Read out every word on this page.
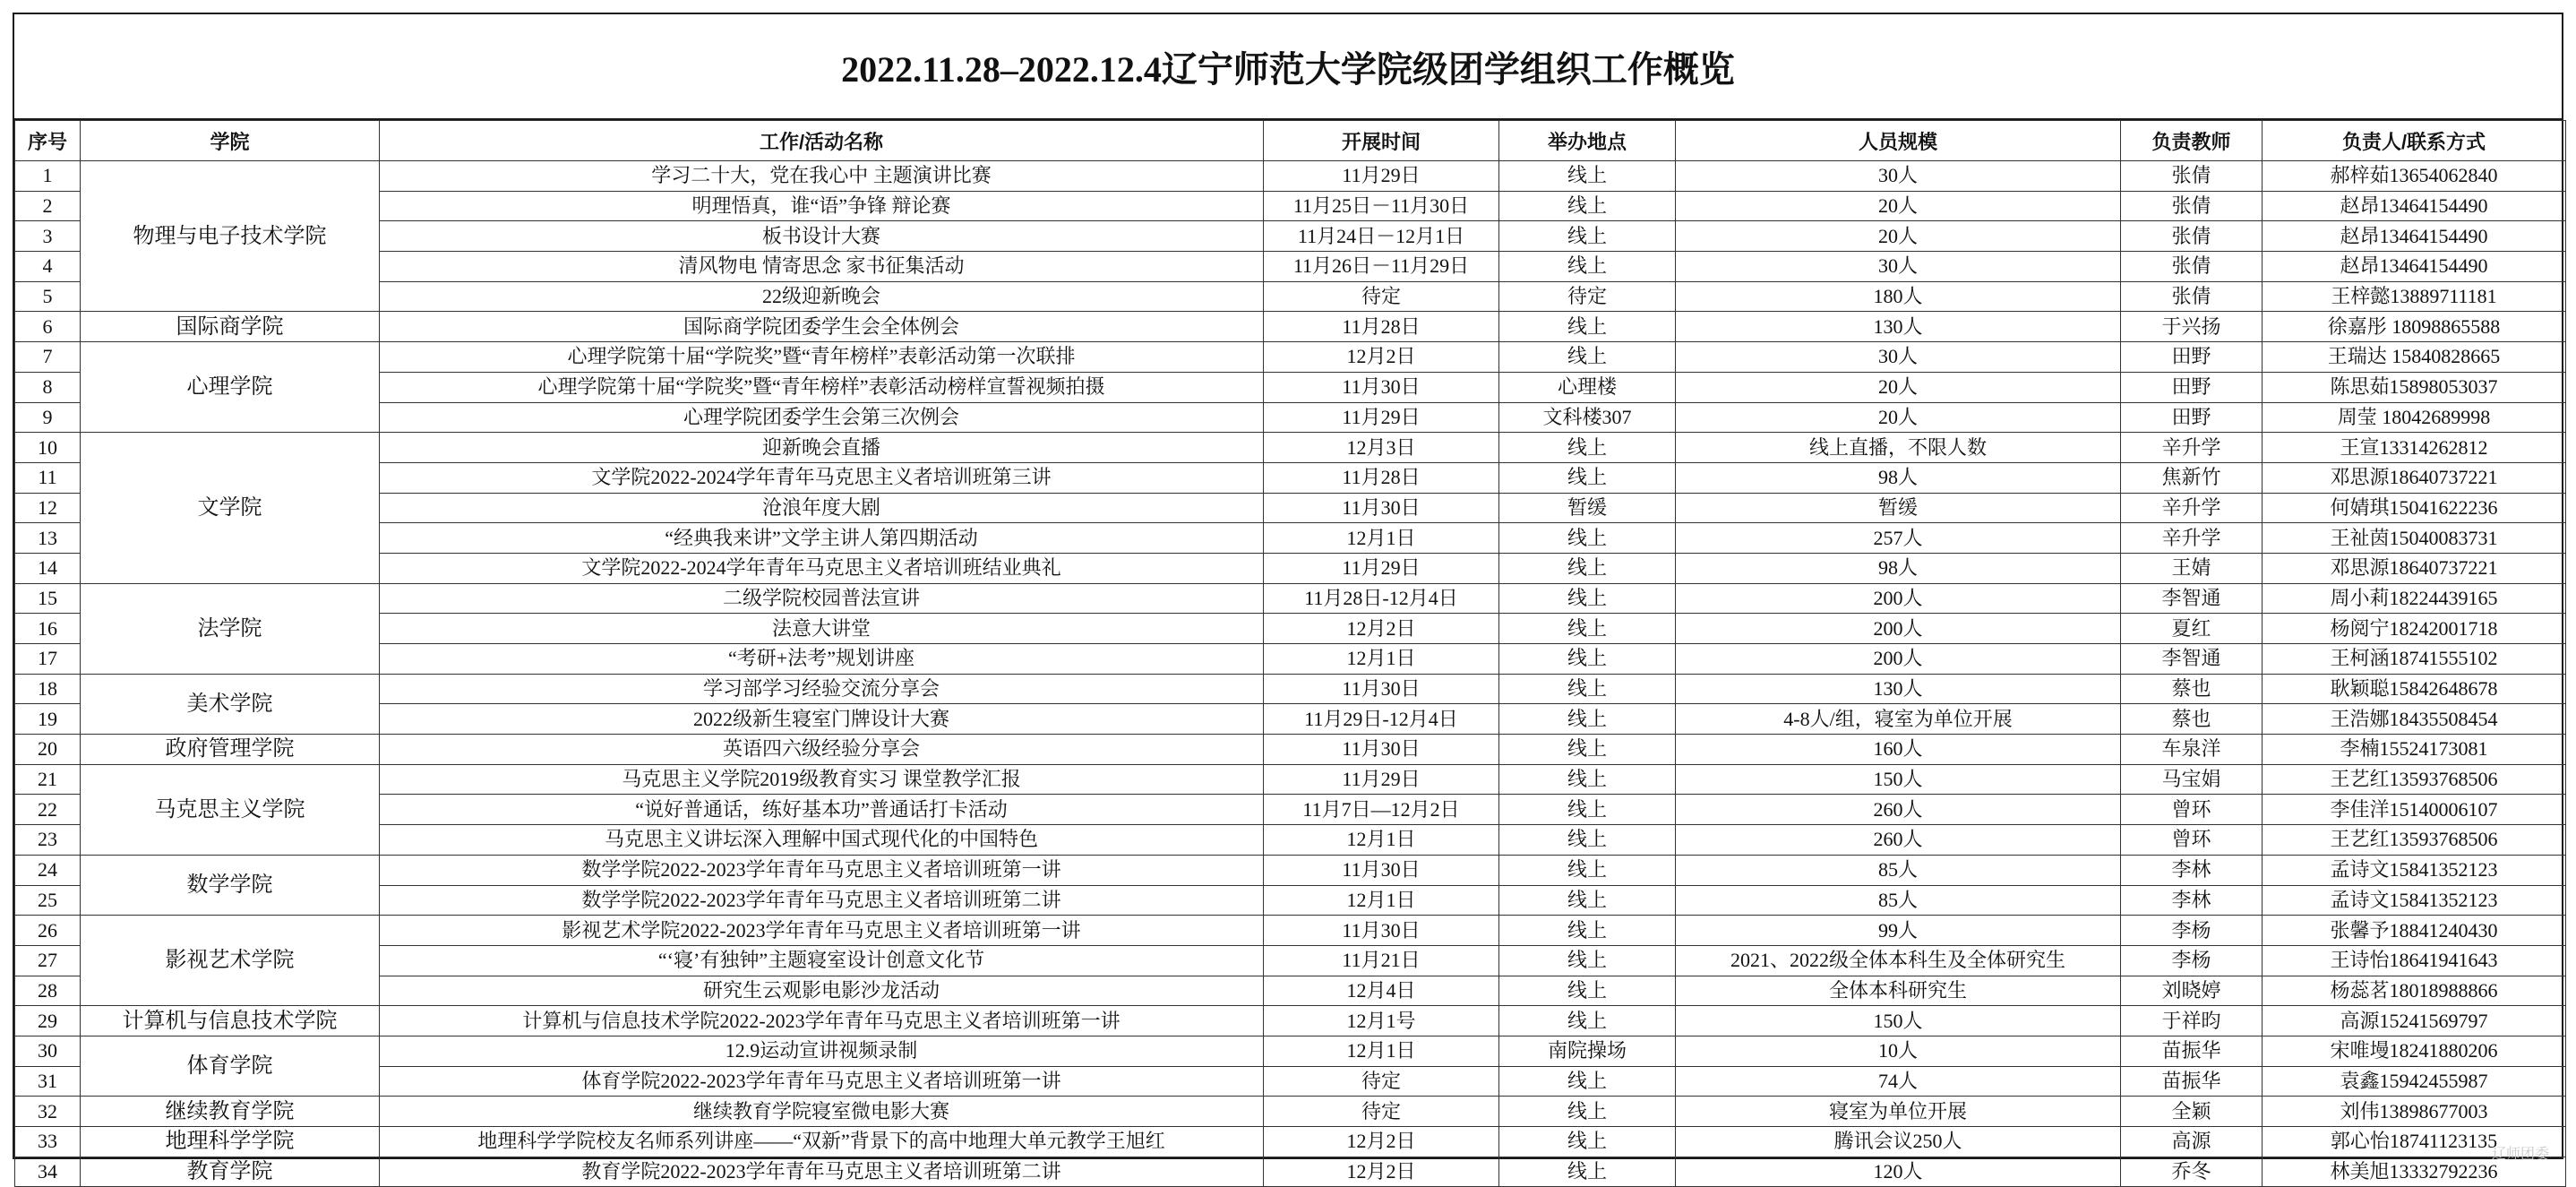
2022.11.28–2022.12.4辽宁师范大学院级团学组织工作概览
序号	学院	工作/活动名称	开展时间	举办地点	人员规模	负责教师	负责人/联系方式
1	物理与电子技术学院	学习二十大，党在我心中 主题演讲比赛	11月29日	线上	30人	张倩	郝梓茹13654062840
2		明理悟真，谁“语”争锋 辩论赛	11月25日－11月30日	线上	20人	张倩	赵昂13464154490
3		板书设计大赛	11月24日－12月1日	线上	20人	张倩	赵昂13464154490
4		清风物电 情寄思念 家书征集活动	11月26日－11月29日	线上	30人	张倩	赵昂13464154490
5		22级迎新晚会	待定	待定	180人	张倩	王梓懿13889711181
6	国际商学院	国际商学院团委学生会全体例会	11月28日	线上	130人	于兴扬	徐嘉彤 18098865588
7	心理学院	心理学院第十届“学院奖”暨“青年榜样”表彰活动第一次联排	12月2日	线上	30人	田野	王瑞达 15840828665
8		心理学院第十届“学院奖”暨“青年榜样”表彰活动榜样宣誓视频拍摄	11月30日	心理楼	20人	田野	陈思茹15898053037
9		心理学院团委学生会第三次例会	11月29日	文科楼307	20人	田野	周莹 18042689998
10	文学院	迎新晚会直播	12月3日	线上	线上直播，不限人数	辛升学	王宣13314262812
11		文学院2022-2024学年青年马克思主义者培训班第三讲	11月28日	线上	98人	焦新竹	邓思源18640737221
12		沧浪年度大剧	11月30日	暂缓	暂缓	辛升学	何婧琪15041622236
13		“经典我来讲”文学主讲人第四期活动	12月1日	线上	257人	辛升学	王祉茵15040083731
14		文学院2022-2024学年青年马克思主义者培训班结业典礼	11月29日	线上	98人	王婧	邓思源18640737221
15	法学院	二级学院校园普法宣讲	11月28日-12月4日	线上	200人	李智通	周小莉18224439165
16		法意大讲堂	12月2日	线上	200人	夏红	杨阅宁18242001718
17		“考研+法考”规划讲座	12月1日	线上	200人	李智通	王柯涵18741555102
18	美术学院	学习部学习经验交流分享会	11月30日	线上	130人	蔡也	耿颖聪15842648678
19		2022级新生寝室门牌设计大赛	11月29日-12月4日	线上	4-8人/组，寝室为单位开展	蔡也	王浩娜18435508454
20	政府管理学院	英语四六级经验分享会	11月30日	线上	160人	车泉洋	李楠15524173081
21	马克思主义学院	马克思主义学院2019级教育实习 课堂教学汇报	11月29日	线上	150人	马宝娟	王艺红13593768506
22		“说好普通话，练好基本功”普通话打卡活动	11月7日—12月2日	线上	260人	曾环	李佳洋15140006107
23		马克思主义讲坛深入理解中国式现代化的中国特色	12月1日	线上	260人	曾环	王艺红13593768506
24	数学学院	数学学院2022-2023学年青年马克思主义者培训班第一讲	11月30日	线上	85人	李林	孟诗文15841352123
25		数学学院2022-2023学年青年马克思主义者培训班第二讲	12月1日	线上	85人	李林	孟诗文15841352123
26	影视艺术学院	影视艺术学院2022-2023学年青年马克思主义者培训班第一讲	11月30日	线上	99人	李杨	张馨予18841240430
27		“‘寝’有独钟”主题寝室设计创意文化节	11月21日	线上	2021、2022级全体本科生及全体研究生	李杨	王诗怡18641941643
28		研究生云观影电影沙龙活动	12月4日	线上	全体本科研究生	刘晓婷	杨蕊茗18018988866
29	计算机与信息技术学院	计算机与信息技术学院2022-2023学年青年马克思主义者培训班第一讲	12月1号	线上	150人	于祥昀	高源15241569797
30	体育学院	12.9运动宣讲视频录制	12月1日	南院操场	10人	苗振华	宋唯墁18241880206
31		体育学院2022-2023学年青年马克思主义者培训班第一讲	待定	线上	74人	苗振华	袁鑫15942455987
32	继续教育学院	继续教育学院寝室微电影大赛	待定	线上	寝室为单位开展	全颖	刘伟13898677003
33	地理科学学院	地理科学学院校友名师系列讲座——“双新”背景下的高中地理大单元教学王旭红	12月2日	线上	腾讯会议250人	高源	郭心怡18741123135
34	教育学院	教育学院2022-2023学年青年马克思主义者培训班第二讲	12月2日	线上	120人	乔冬	林美旭13332792236
辽师团委
